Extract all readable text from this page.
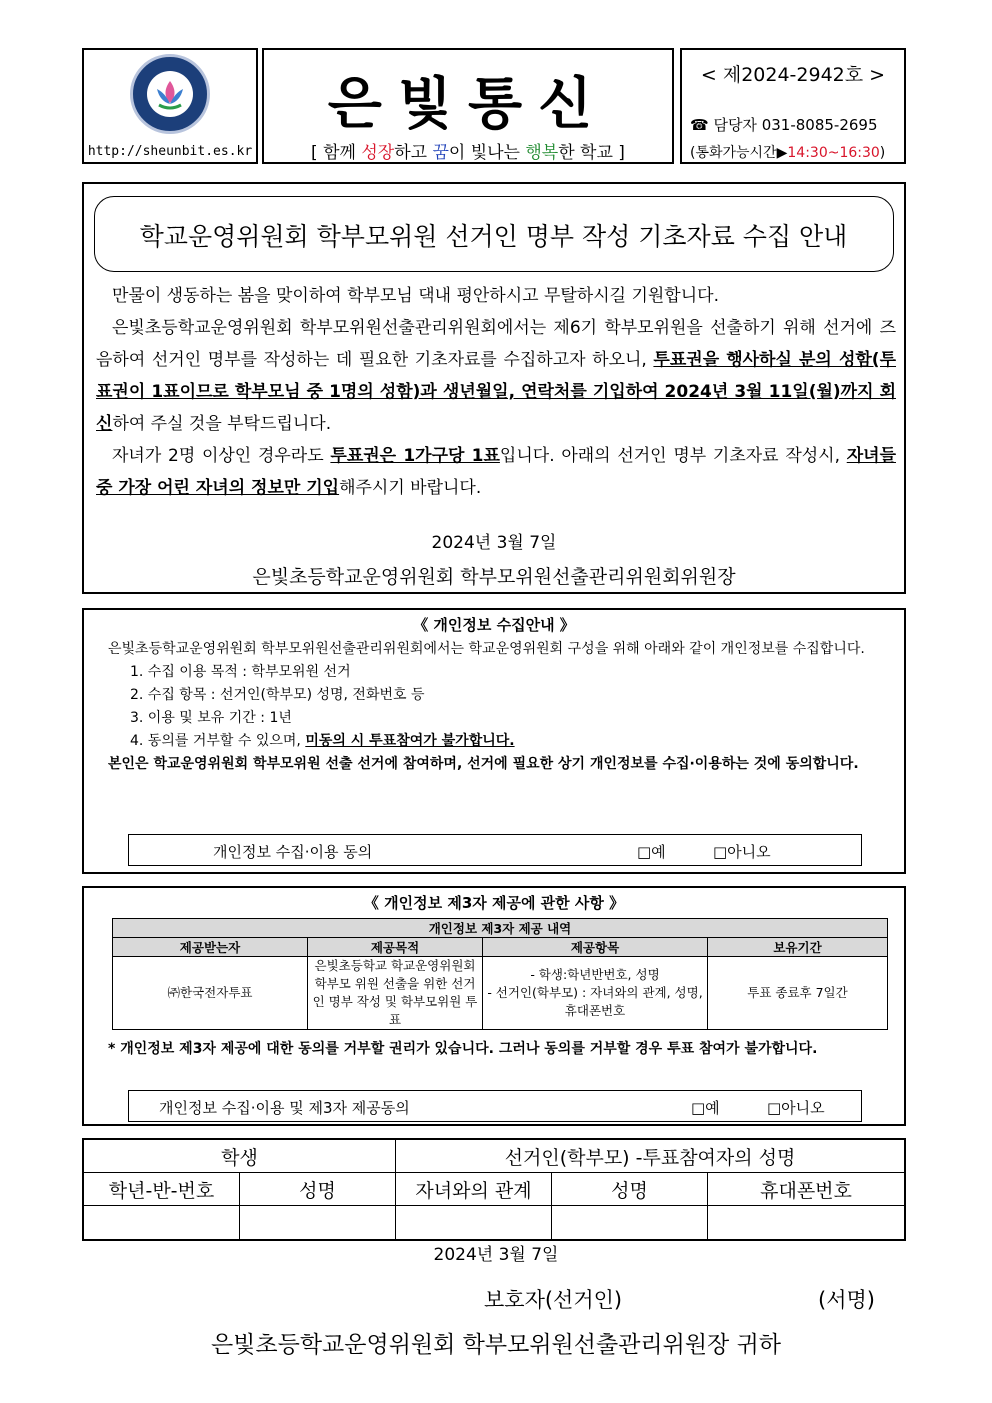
http://sheunbit.es.kr
은빛통신
[ 함께 성장하고 꿈이 빛나는 행복한 학교 ]
< 제2024-2942호 >
☎ 담당자 031-8085-2695
(통화가능시간▶14:30~16:30)
학교운영위원회 학부모위원 선거인 명부 작성 기초자료 수집 안내

만물이 생동하는 봄을 맞이하여 학부모님 댁내 평안하시고 무탈하시길 기원합니다.

은빛초등학교운영위원회 학부모위원선출관리위원회에서는 제6기 학부모위원을 선출하기 위해 선거에 즈음하여 선거인 명부를 작성하는 데 필요한 기초자료를 수집하고자 하오니, 투표권을 행사하실 분의 성함(투표권이 1표이므로 학부모님 중 1명의 성함)과 생년월일, 연락처를 기입하여 2024년 3월 11일(월)까지 회신하여 주실 것을 부탁드립니다.

자녀가 2명 이상인 경우라도 투표권은 1가구당 1표입니다. 아래의 선거인 명부 기초자료 작성시, 자녀들 중 가장 어린 자녀의 정보만 기입해주시기 바랍니다.

2024년 3월 7일
은빛초등학교운영위원회 학부모위원선출관리위원회위원장
《 개인정보 수집안내 》
은빛초등학교운영위원회 학부모위원선출관리위원회에서는 학교운영위원회 구성을 위해 아래와 같이 개인정보를 수집합니다.
1. 수집 이용 목적 : 학부모위원 선거
2. 수집 항목 : 선거인(학부모) 성명, 전화번호 등
3. 이용 및 보유 기간 : 1년
4. 동의를 거부할 수 있으며, 미동의 시 투표참여가 불가합니다.
본인은 학교운영위원회 학부모위원 선출 선거에 참여하며, 선거에 필요한 상기 개인정보를 수집·이용하는 것에 동의합니다.
개인정보 수집·이용 동의	□예	□아니오
《 개인정보 제3자 제공에 관한 사항 》
개인정보 제3자 제공 내역			
제공받는자	제공목적	제공항목	보유기간
㈜한국전자투표	은빛초등학교 학교운영위원회 학부모 위원 선출을 위한 선거인 명부 작성 및 학부모위원 투표	- 학생:학년반번호, 성명
- 선거인(학부모) : 자녀와의 관계, 성명, 휴대폰번호	투표 종료후 7일간
* 개인정보 제3자 제공에 대한 동의를 거부할 권리가 있습니다. 그러나 동의를 거부할 경우 투표 참여가 불가합니다.
개인정보 수집·이용 및 제3자 제공동의	□예	□아니오
학생		선거인(학부모) -투표참여자의 성명		
학년-반-번호	성명	자녀와의 관계	성명	휴대폰번호

2024년 3월 7일
보호자(선거인)	(서명)
은빛초등학교운영위원회 학부모위원선출관리위원장 귀하
